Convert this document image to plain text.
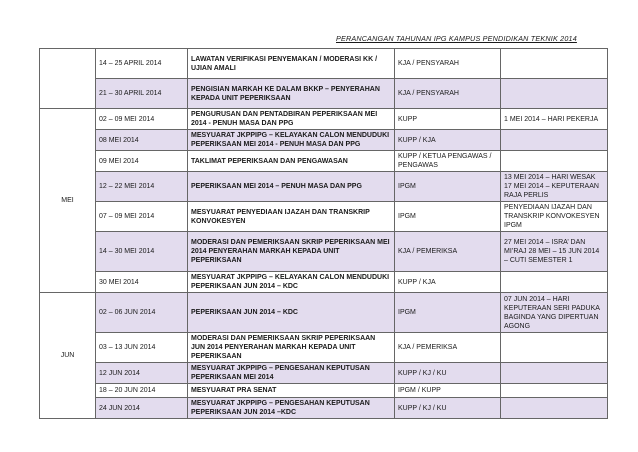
PERANCANGAN TAHUNAN IPG KAMPUS PENDIDIKAN TEKNIK 2014
	14 – 25 APRIL 2014	LAWATAN VERIFIKASI PENYEMAKAN / MODERASI KK / UJIAN AMALI	KJA / PENSYARAH	
	21 – 30 APRIL 2014	PENGISIAN MARKAH KE DALAM BKKP – PENYERAHAN KEPADA UNIT PEPERIKSAAN	KJA / PENSYARAH	
MEI	02 – 09 MEI 2014	PENGURUSAN DAN PENTADBIRAN PEPERIKSAAN MEI 2014 - PENUH MASA DAN PPG	KUPP	1 MEI 2014 – HARI PEKERJA
	08 MEI 2014	MESYUARAT JKPPIPG – KELAYAKAN CALON MENDUDUKI PEPERIKSAAN MEI 2014 - PENUH MASA DAN PPG	KUPP / KJA	
	09 MEI 2014	TAKLIMAT PEPERIKSAAN DAN PENGAWASAN	KUPP / KETUA PENGAWAS / PENGAWAS	
	12 – 22 MEI 2014	PEPERIKSAAN MEI 2014 – PENUH MASA DAN PPG	IPGM	13 MEI 2014 – HARI WESAK 17 MEI 2014 – KEPUTERAAN RAJA PERLIS
	07 – 09 MEI 2014	MESYUARAT PENYEDIAAN IJAZAH DAN TRANSKRIP KONVOKESYEN	IPGM	PENYEDIAAN IJAZAH DAN TRANSKRIP KONVOKESYEN IPGM
	14 – 30 MEI 2014	MODERASI DAN PEMERIKSAAN SKRIP PEPERIKSAAN MEI 2014 PENYERAHAN MARKAH KEPADA UNIT PEPERIKSAAN	KJA / PEMERIKSA	27 MEI 2014 – ISRA’ DAN MI’RAJ 28 MEI – 15 JUN 2014 – CUTI SEMESTER 1
	30 MEI 2014	MESYUARAT JKPPIPG – KELAYAKAN CALON MENDUDUKI PEPERIKSAAN JUN 2014 – KDC	KUPP / KJA	
JUN	02 – 06 JUN 2014	PEPERIKSAAN JUN 2014 – KDC	IPGM	07 JUN 2014 – HARI KEPUTERAAN SERI PADUKA BAGINDA YANG DIPERTUAN AGONG
	03 – 13 JUN 2014	MODERASI DAN PEMERIKSAAN SKRIP PEPERIKSAAN JUN 2014 PENYERAHAN MARKAH KEPADA UNIT PEPERIKSAAN	KJA / PEMERIKSA	
	12 JUN 2014	MESYUARAT JKPPIPG – PENGESAHAN KEPUTUSAN PEPERIKSAAN MEI 2014	KUPP / KJ / KU	
	18 – 20 JUN 2014	MESYUARAT PRA SENAT	IPGM / KUPP	
	24 JUN 2014	MESYUARAT JKPPIPG – PENGESAHAN KEPUTUSAN PEPERIKSAAN JUN 2014 –KDC	KUPP / KJ / KU	
